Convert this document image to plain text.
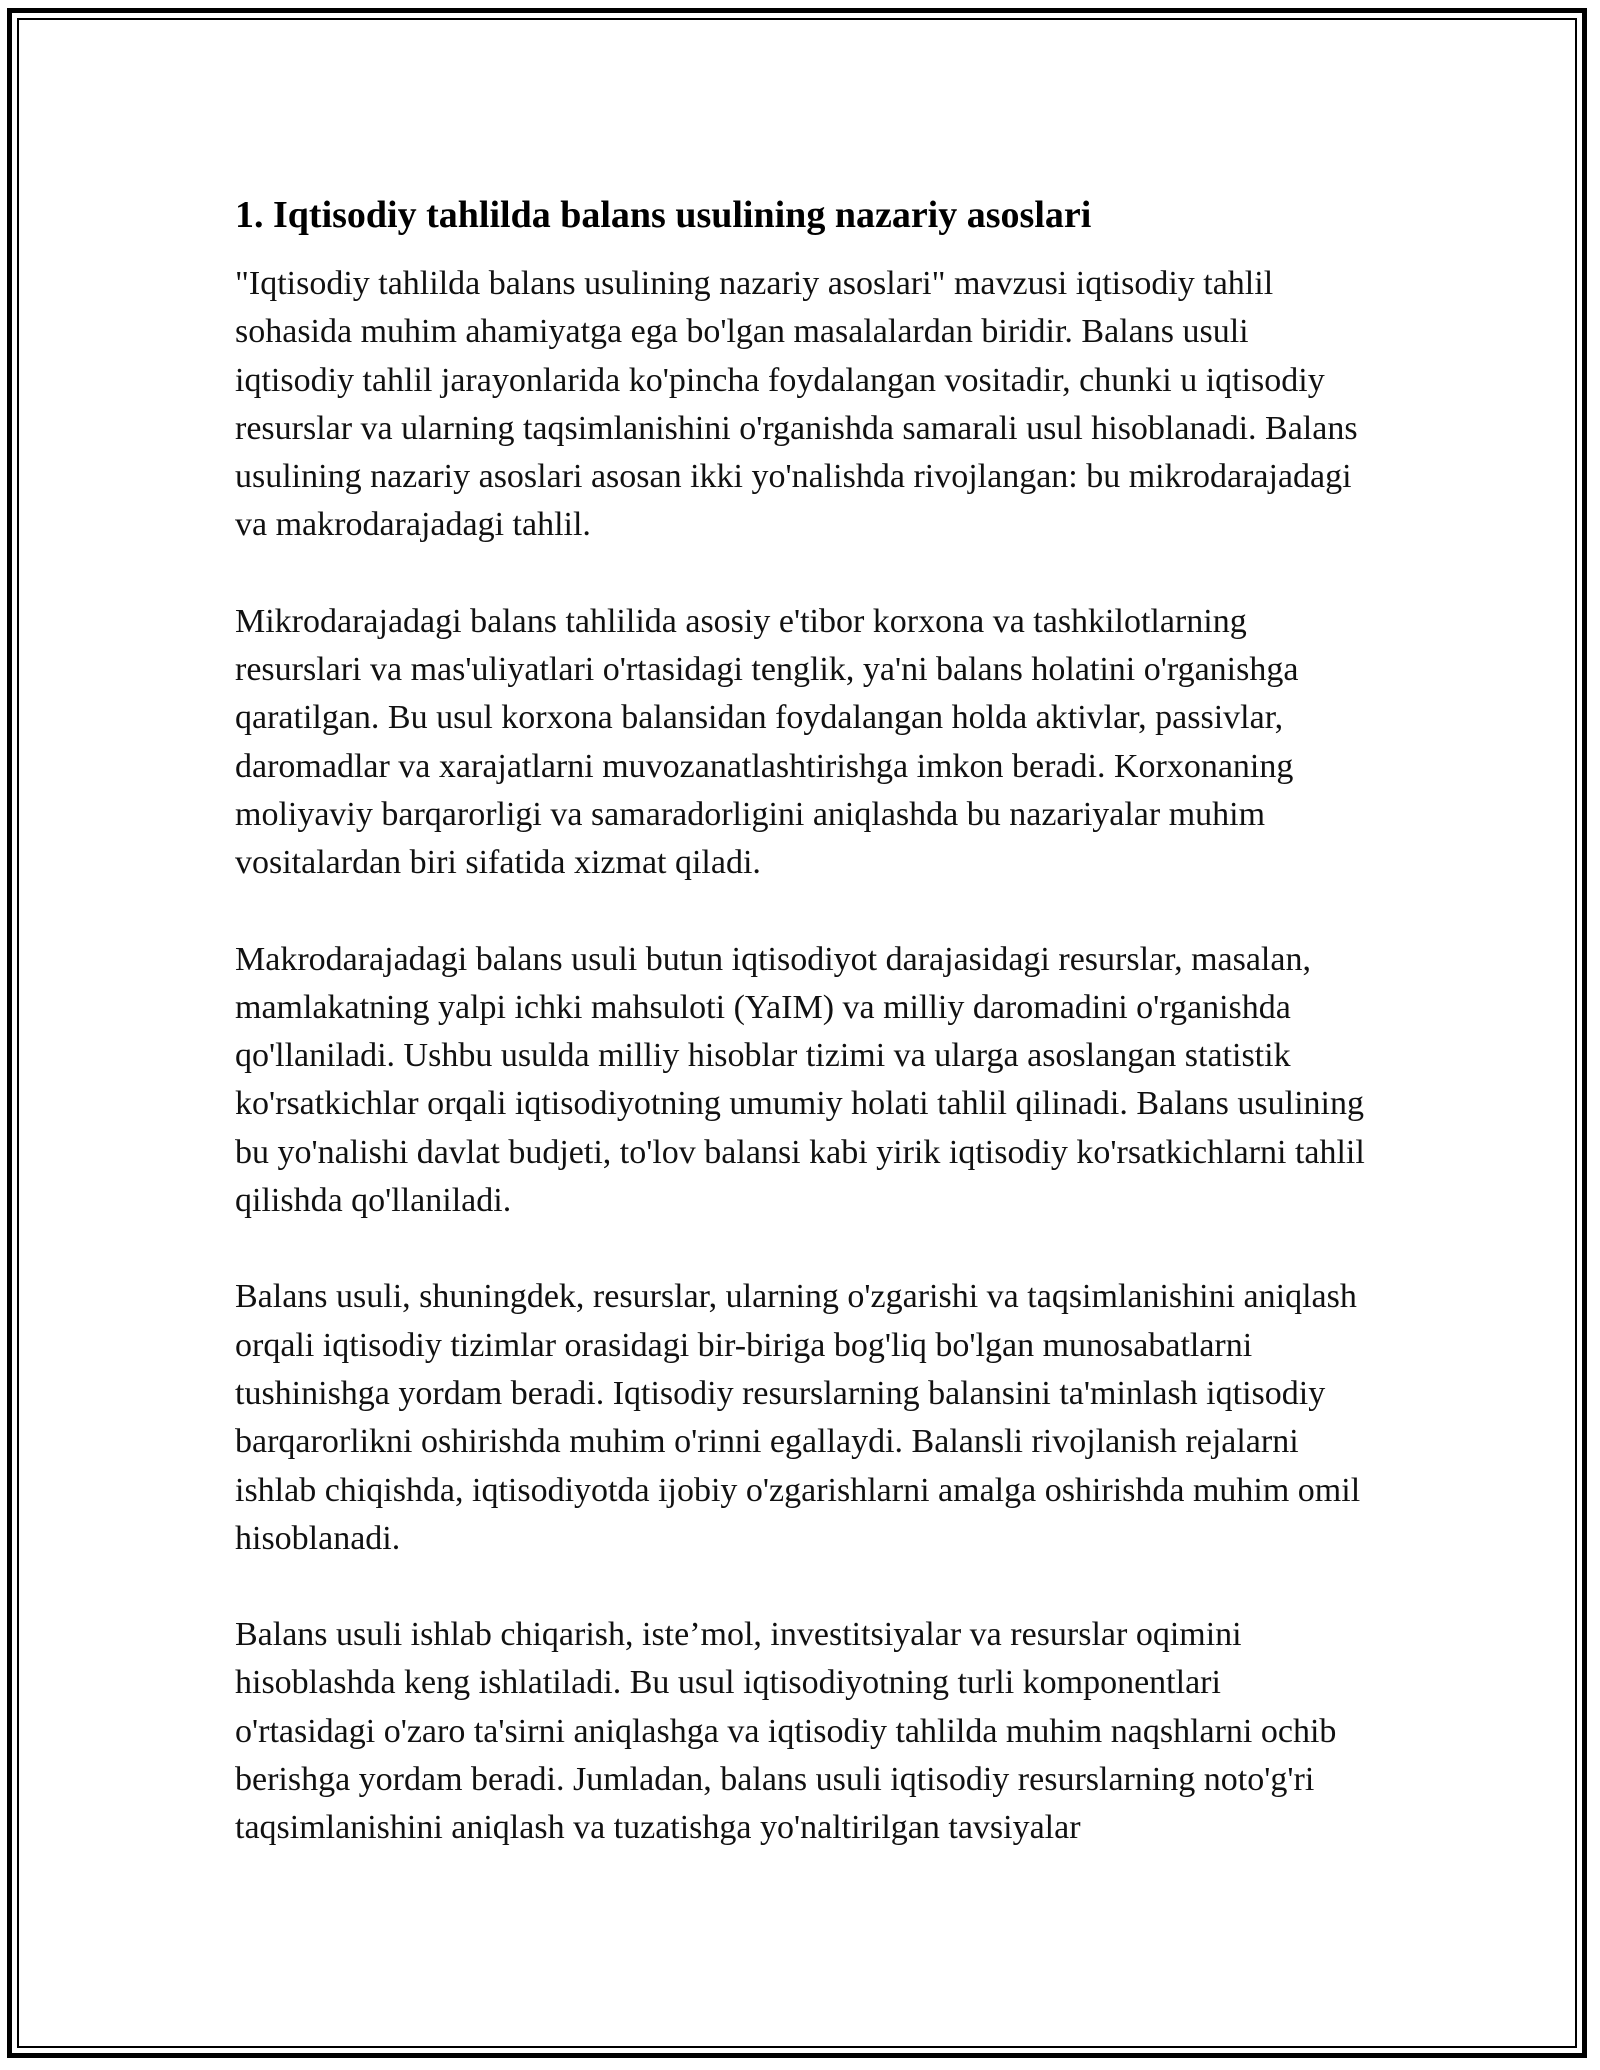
1. Iqtisodiy tahlilda balans usulining nazariy asoslari

"Iqtisodiy tahlilda balans usulining nazariy asoslari" mavzusi iqtisodiy tahlil sohasida muhim ahamiyatga ega bo'lgan masalalardan biridir. Balans usuli iqtisodiy tahlil jarayonlarida ko'pincha foydalangan vositadir, chunki u iqtisodiy resurslar va ularning taqsimlanishini o'rganishda samarali usul hisoblanadi. Balans usulining nazariy asoslari asosan ikki yo'nalishda rivojlangan: bu mikrodarajadagi va makrodarajadagi tahlil.

Mikrodarajadagi balans tahlilida asosiy e'tibor korxona va tashkilotlarning resurslari va mas'uliyatlari o'rtasidagi tenglik, ya'ni balans holatini o'rganishga qaratilgan. Bu usul korxona balansidan foydalangan holda aktivlar, passivlar, daromadlar va xarajatlarni muvozanatlashtirishga imkon beradi. Korxonaning moliyaviy barqarorligi va samaradorligini aniqlashda bu nazariyalar muhim vositalardan biri sifatida xizmat qiladi.

Makrodarajadagi balans usuli butun iqtisodiyot darajasidagi resurslar, masalan, mamlakatning yalpi ichki mahsuloti (YaIM) va milliy daromadini o'rganishda qo'llaniladi. Ushbu usulda milliy hisoblar tizimi va ularga asoslangan statistik ko'rsatkichlar orqali iqtisodiyotning umumiy holati tahlil qilinadi. Balans usulining bu yo'nalishi davlat budjeti, to'lov balansi kabi yirik iqtisodiy ko'rsatkichlarni tahlil qilishda qo'llaniladi.

Balans usuli, shuningdek, resurslar, ularning o'zgarishi va taqsimlanishini aniqlash orqali iqtisodiy tizimlar orasidagi bir-biriga bog'liq bo'lgan munosabatlarni tushinishga yordam beradi. Iqtisodiy resurslarning balansini ta'minlash iqtisodiy barqarorlikni oshirishda muhim o'rinni egallaydi. Balansli rivojlanish rejalarni ishlab chiqishda, iqtisodiyotda ijobiy o'zgarishlarni amalga oshirishda muhim omil hisoblanadi.

Balans usuli ishlab chiqarish, iste’mol, investitsiyalar va resurslar oqimini hisoblashda keng ishlatiladi. Bu usul iqtisodiyotning turli komponentlari o'rtasidagi o'zaro ta'sirni aniqlashga va iqtisodiy tahlilda muhim naqshlarni ochib berishga yordam beradi. Jumladan, balans usuli iqtisodiy resurslarning noto'g'ri taqsimlanishini aniqlash va tuzatishga yo'naltirilgan tavsiyalar
